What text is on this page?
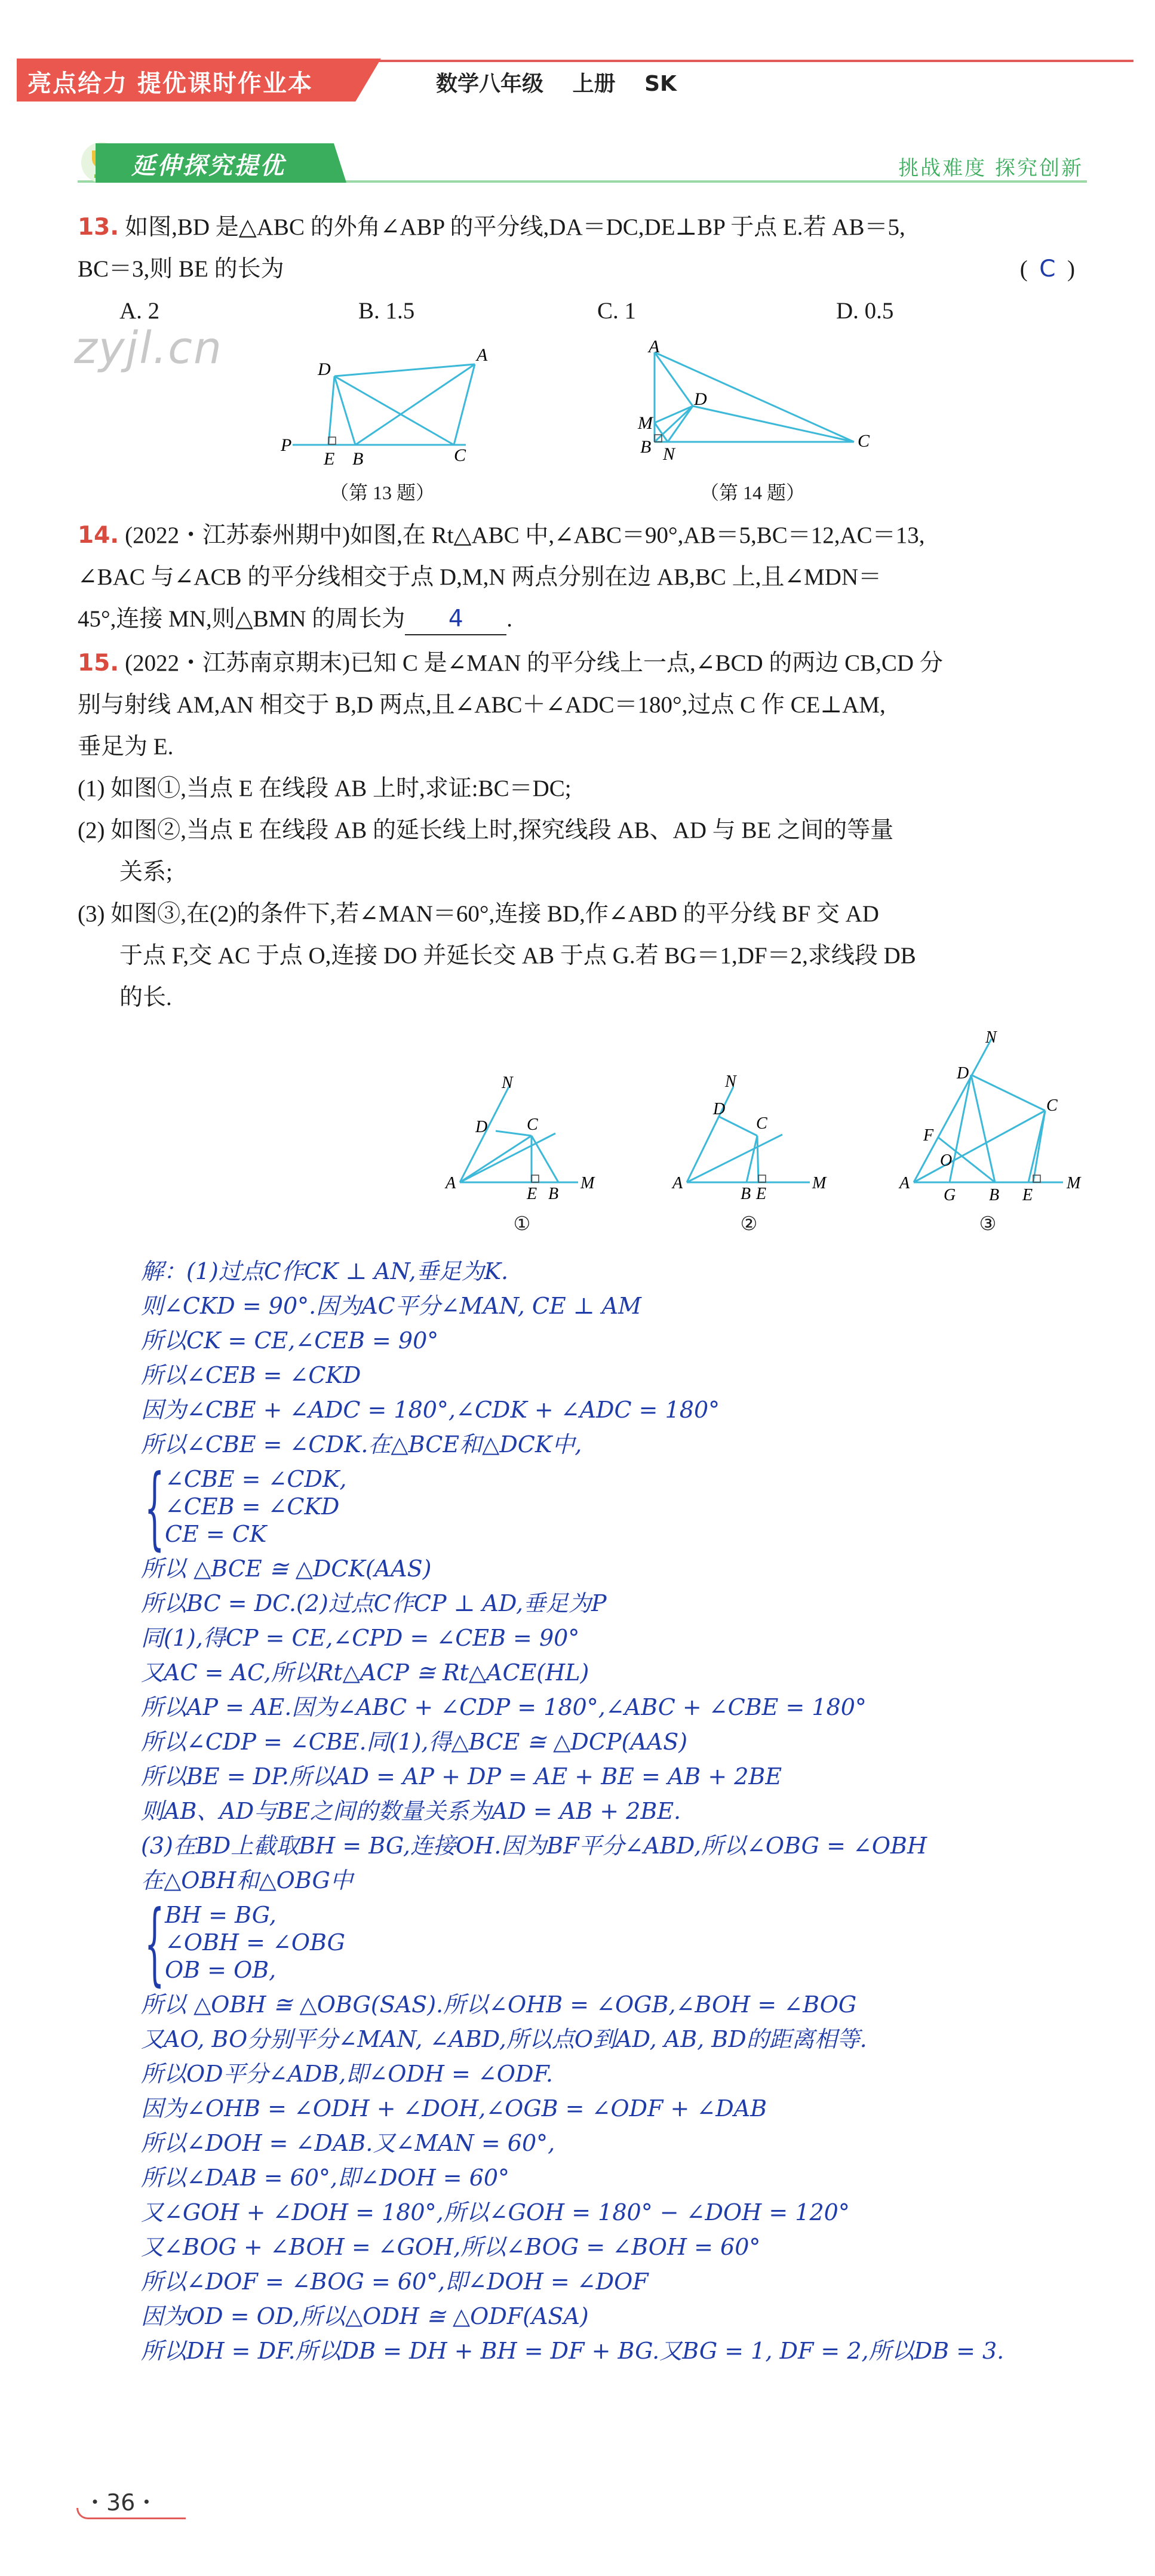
亮点给力 提优课时作业本	数学八年级 上册 SK
延伸探究提优	挑战难度 探究创新
zyjl.cn
13. 如图,BD 是△ABC 的外角∠ABP 的平分线,DA＝DC,DE⊥BP 于点 E.若 AB＝5,
BC＝3,则 BE 的长为	( C )
A. 2	B. 1.5	C. 1	D. 0.5
P
D
A
E B	C
（第 13 题）
A
D
M
B N
C
（第 14 题）
14. (2022・江苏泰州期中)如图,在 Rt△ABC 中,∠ABC＝90°,AB＝5,BC＝12,AC＝13,
∠BAC 与∠ACB 的平分线相交于点 D,M,N 两点分别在边 AB,BC 上,且∠MDN＝
45°,连接 MN,则△BMN 的周长为 4 .
15. (2022・江苏南京期末)已知 C 是∠MAN 的平分线上一点,∠BCD 的两边 CB,CD 分
别与射线 AM,AN 相交于 B,D 两点,且∠ABC＋∠ADC＝180°,过点 C 作 CE⊥AM,
垂足为 E.
(1) 如图①,当点 E 在线段 AB 上时,求证:BC＝DC;
(2) 如图②,当点 E 在线段 AB 的延长线上时,探究线段 AB、AD 与 BE 之间的等量
关系;
(3) 如图③,在(2)的条件下,若∠MAN＝60°,连接 BD,作∠ABD 的平分线 BF 交 AD
于点 F,交 AC 于点 O,连接 DO 并延长交 AB 于点 G.若 BG＝1,DF＝2,求线段 DB
的长.
N
D C
A
E B
M
①
N
D
C
A
B E
M
②
N
D
C
F
O
A
G B E
M
③
解：(1)过点C作CK ⊥ AN,垂足为K.
则∠CKD = 90°.因为AC平分∠MAN, CE ⊥ AM
所以CK = CE,∠CEB = 90°
所以∠CEB = ∠CKD
因为∠CBE + ∠ADC = 180°,∠CDK + ∠ADC = 180°
所以∠CBE = ∠CDK.在△BCE和△DCK中,
{ ∠CBE = ∠CDK,
∠CEB = ∠CKD
CE = CK
所以 △BCE ≅ △DCK(AAS)
所以BC = DC.(2)过点C作CP ⊥ AD,垂足为P
同(1),得CP = CE,∠CPD = ∠CEB = 90°
又AC = AC,所以Rt△ACP ≅ Rt△ACE(HL)
所以AP = AE.因为∠ABC + ∠CDP = 180°,∠ABC + ∠CBE = 180°
所以∠CDP = ∠CBE.同(1),得△BCE ≅ △DCP(AAS)
所以BE = DP.所以AD = AP + DP = AE + BE = AB + 2BE
则AB、AD与BE之间的数量关系为AD = AB + 2BE.
(3)在BD上截取BH = BG,连接OH.因为BF平分∠ABD,所以∠OBG = ∠OBH
在△OBH和△OBG中
{ BH = BG,
∠OBH = ∠OBG
OB = OB,
所以 △OBH ≅ △OBG(SAS).所以∠OHB = ∠OGB,∠BOH = ∠BOG
又AO, BO分别平分∠MAN, ∠ABD,所以点O到AD, AB, BD的距离相等.
所以OD平分∠ADB,即∠ODH = ∠ODF.
因为∠OHB = ∠ODH + ∠DOH,∠OGB = ∠ODF + ∠DAB
所以∠DOH = ∠DAB.又∠MAN = 60°,
所以∠DAB = 60°,即∠DOH = 60°
又∠GOH + ∠DOH = 180°,所以∠GOH = 180° − ∠DOH = 120°
又∠BOG + ∠BOH = ∠GOH,所以∠BOG = ∠BOH = 60°
所以∠DOF = ∠BOG = 60°,即∠DOH = ∠DOF
因为OD = OD,所以△ODH ≅ △ODF(ASA)
所以DH = DF.所以DB = DH + BH = DF + BG.又BG = 1, DF = 2,所以DB = 3.
・36・
